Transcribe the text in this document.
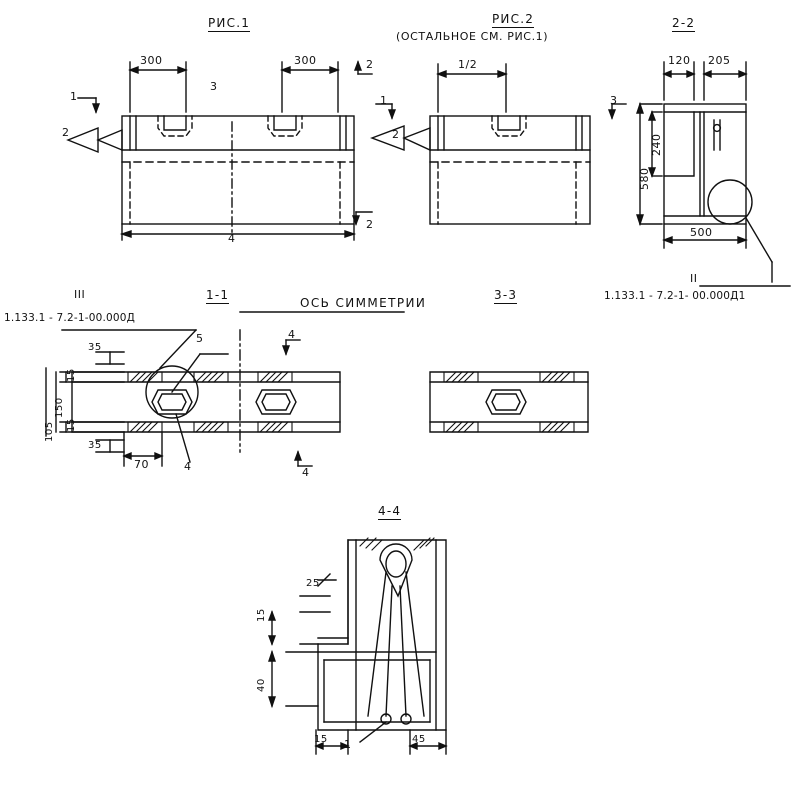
РИС.1	РИС.2
(ОСТАЛЬНОЕ СМ. РИС.1)
2-2
1-1	3-3
4-4
300	300
1
2
3
4
2
2
1
1/2
2
3
120 205
240
580
500
II
1.133.1 - 7.2-1- 00.000Д1
III
1.133.1 - 7.2-1-00.000Д
ОСЬ СИММЕТРИИ
35
15
150
15
105
35
70
5
4
4
4
25
15
40
15	45
1
